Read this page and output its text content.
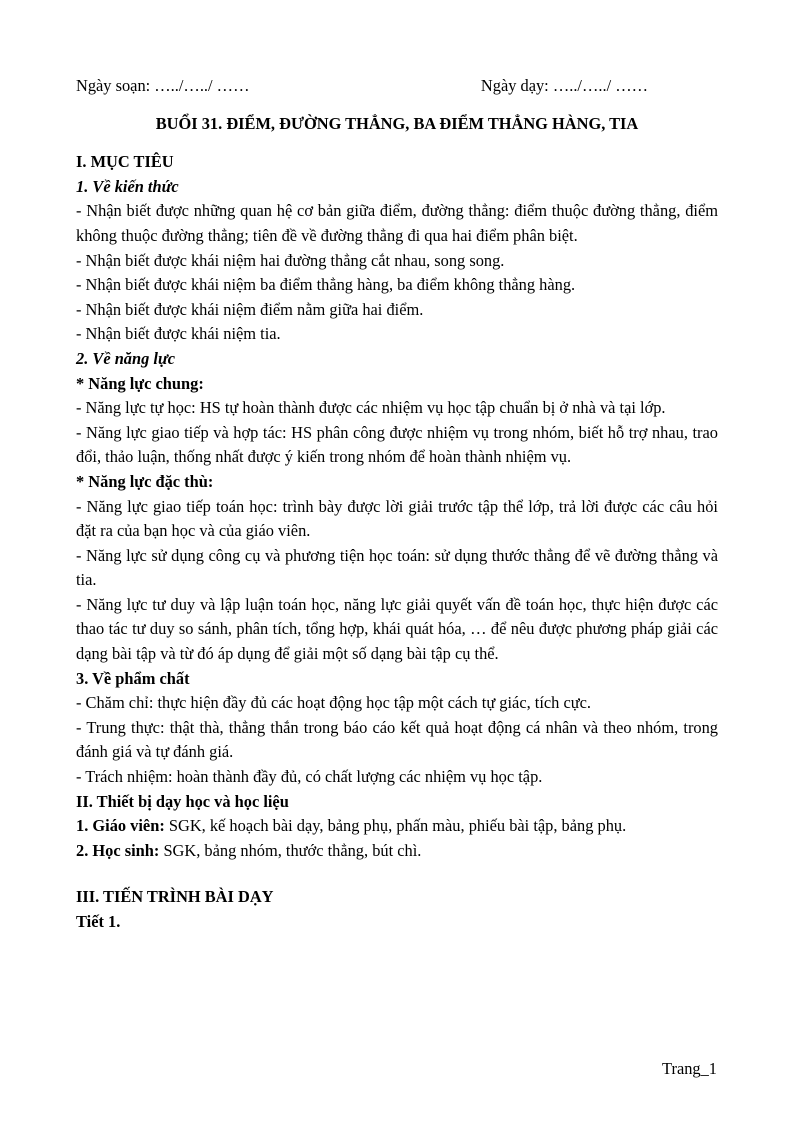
Ngày soạn: …../…../ ……	Ngày dạy: …../…../ ……
BUỔI 31. ĐIỂM, ĐƯỜNG THẲNG, BA ĐIỂM THẲNG HÀNG, TIA
I. MỤC TIÊU
1. Về kiến thức
- Nhận biết được những quan hệ cơ bản giữa điểm, đường thẳng: điểm thuộc đường thẳng, điểm không thuộc đường thẳng; tiên đề về đường thẳng đi qua hai điểm phân biệt.
- Nhận biết được khái niệm hai đường thẳng cắt nhau, song song.
- Nhận biết được khái niệm ba điểm thẳng hàng, ba điểm không thẳng hàng.
- Nhận biết được khái niệm điểm nằm giữa hai điểm.
- Nhận biết được khái niệm tia.
2. Về năng lực
* Năng lực chung:
- Năng lực tự học: HS tự hoàn thành được các nhiệm vụ học tập chuẩn bị ở nhà và tại lớp.
- Năng lực giao tiếp và hợp tác: HS phân công được nhiệm vụ trong nhóm, biết hỗ trợ nhau, trao đổi, thảo luận, thống nhất được ý kiến trong nhóm để hoàn thành nhiệm vụ.
* Năng lực đặc thù:
- Năng lực giao tiếp toán học: trình bày được lời giải trước tập thể lớp, trả lời được các câu hỏi đặt ra của bạn học và của giáo viên.
- Năng lực sử dụng công cụ và phương tiện học toán: sử dụng thước thẳng để vẽ đường thẳng và tia.
- Năng lực tư duy và lập luận toán học, năng lực giải quyết vấn đề toán học, thực hiện được các thao tác tư duy so sánh, phân tích, tổng hợp, khái quát hóa, … để nêu được phương pháp giải các dạng bài tập và từ đó áp dụng để giải một số dạng bài tập cụ thể.
3. Về phẩm chất
- Chăm chỉ: thực hiện đầy đủ các hoạt động học tập một cách tự giác, tích cực.
- Trung thực: thật thà, thẳng thắn trong báo cáo kết quả hoạt động cá nhân và theo nhóm, trong đánh giá và tự đánh giá.
- Trách nhiệm: hoàn thành đầy đủ, có chất lượng các nhiệm vụ học tập.
II. Thiết bị dạy học và học liệu
1. Giáo viên: SGK, kế hoạch bài dạy, bảng phụ, phấn màu, phiếu bài tập, bảng phụ.
2. Học sinh: SGK, bảng nhóm, thước thẳng, bút chì.
III. TIẾN TRÌNH BÀI DẠY
Tiết 1.
Trang_1
